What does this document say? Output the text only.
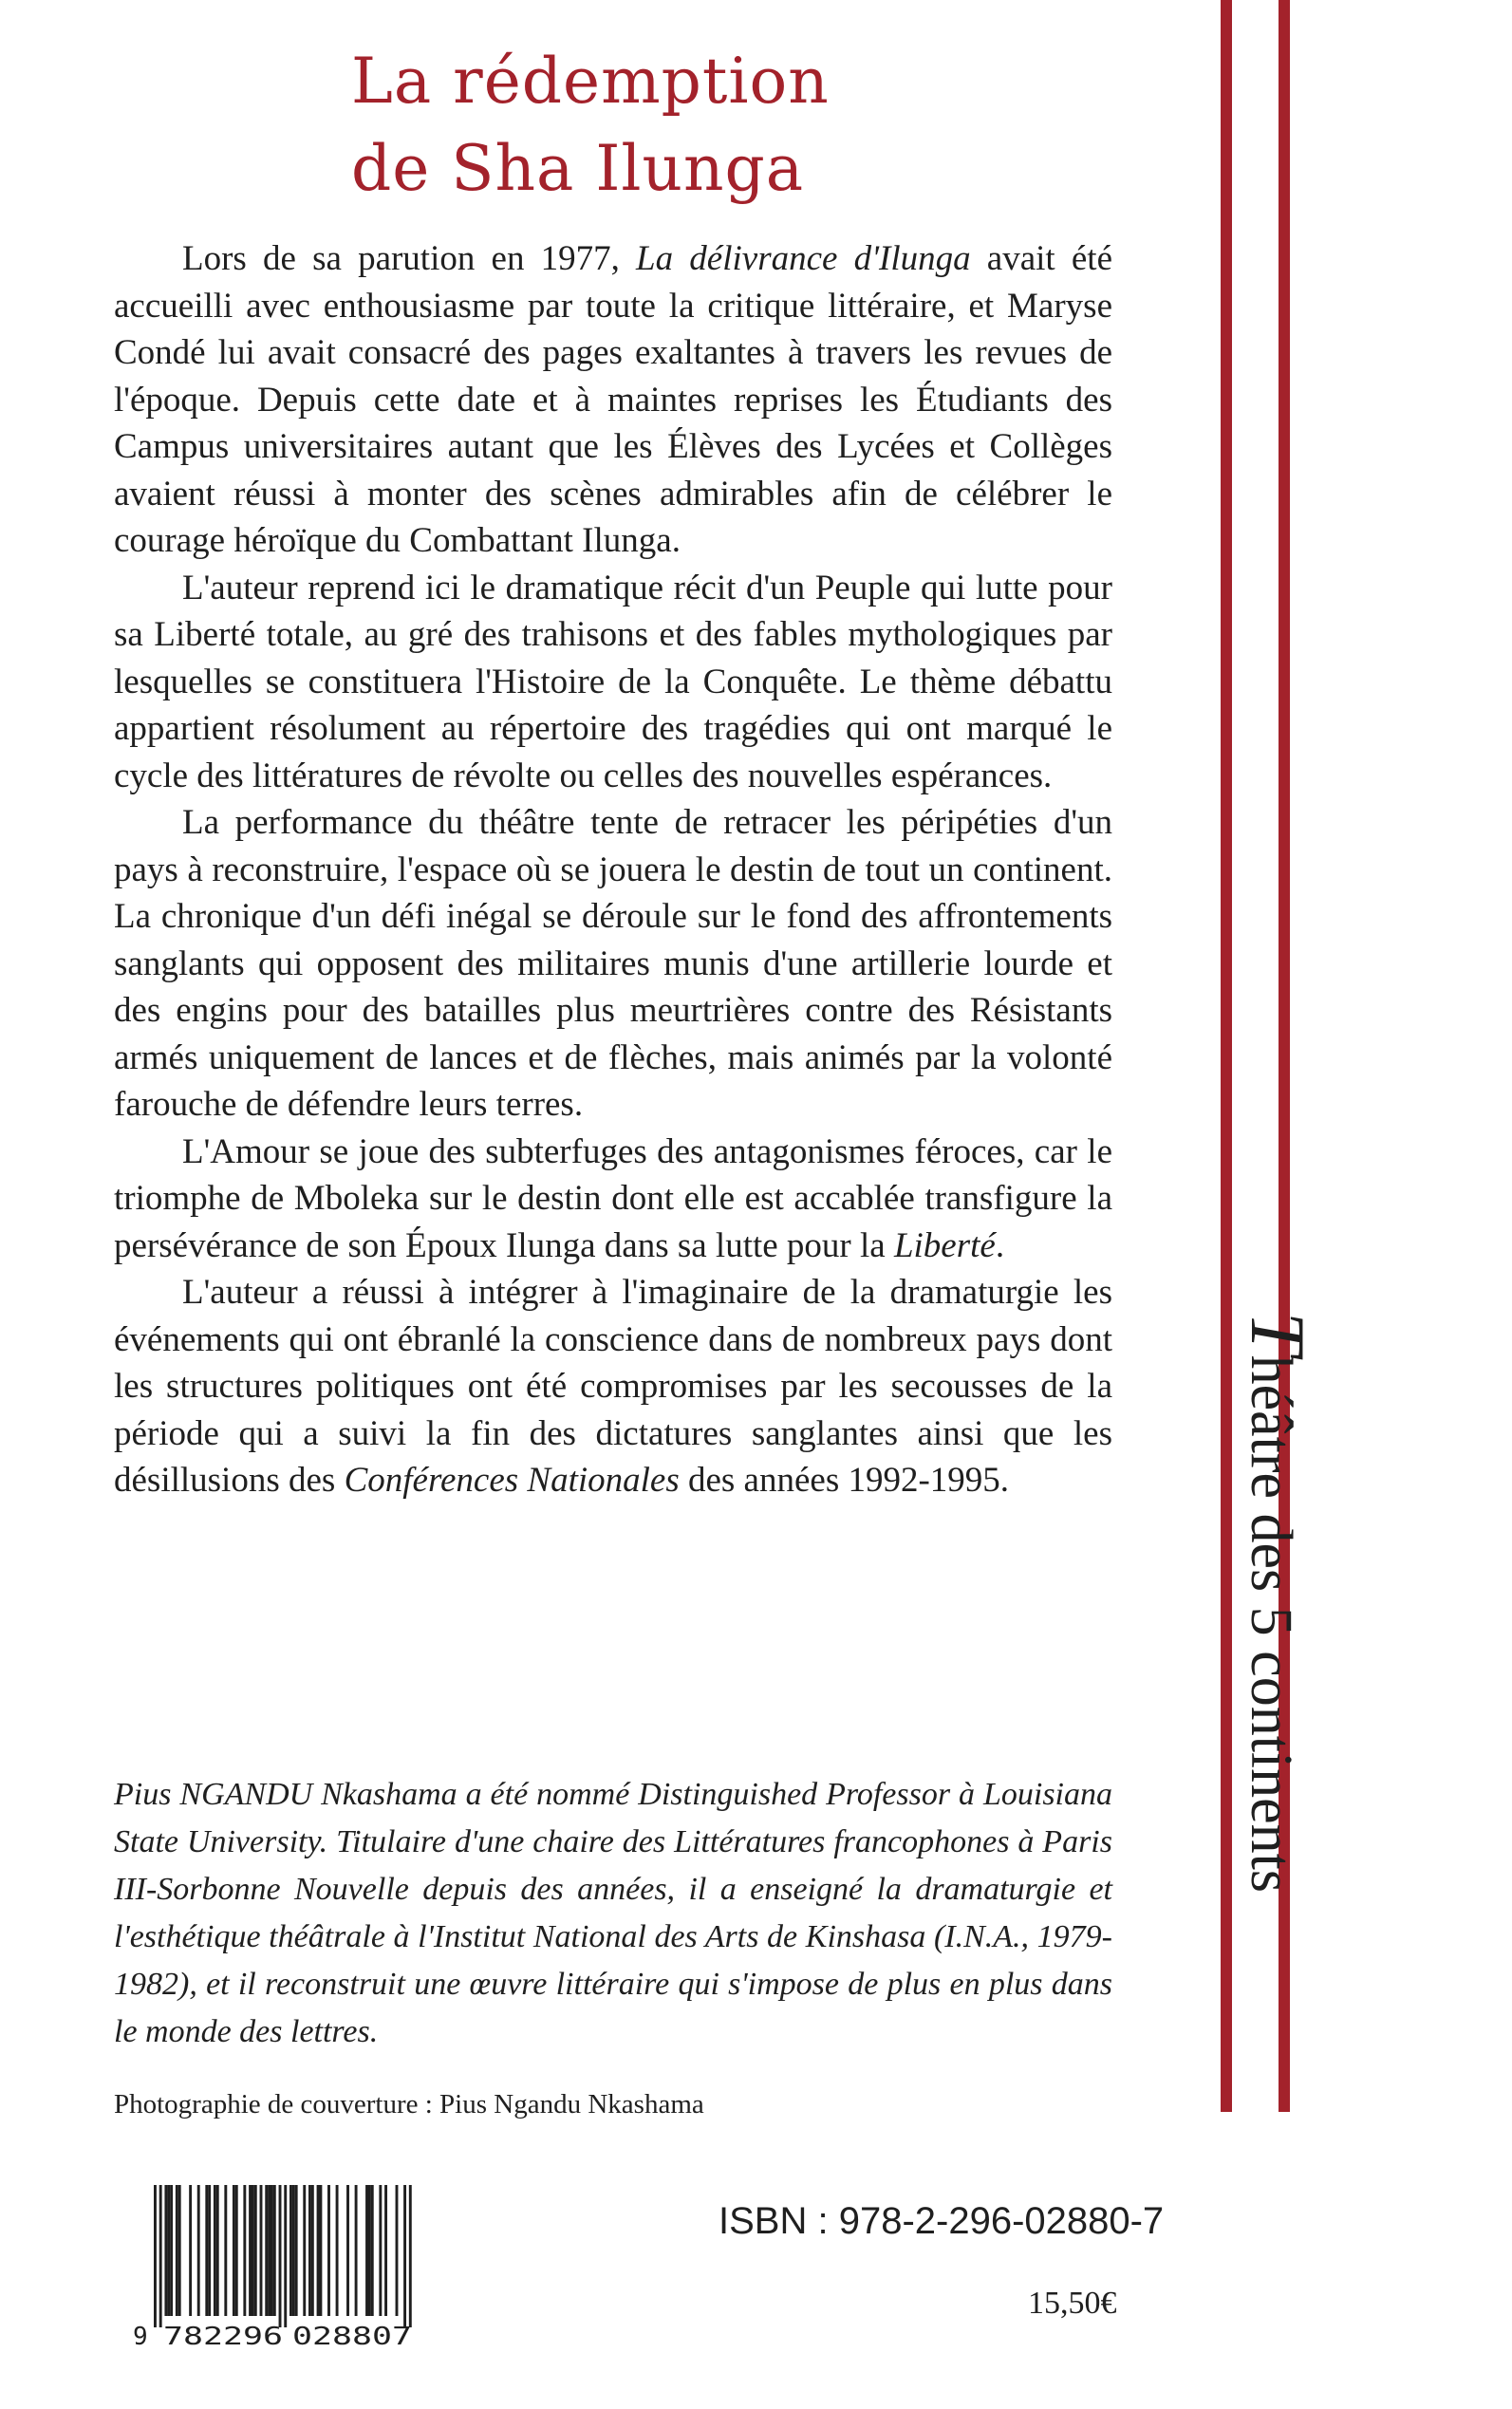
La rédemption
de Sha Ilunga

Lors de sa parution en 1977, La délivrance d'Ilunga avait été accueilli avec enthousiasme par toute la critique littéraire, et Maryse Condé lui avait consacré des pages exaltantes à travers les revues de l'époque. Depuis cette date et à maintes reprises les Étudiants des Campus universitaires autant que les Élèves des Lycées et Collèges avaient réussi à monter des scènes admirables afin de célébrer le courage héroïque du Combattant Ilunga.

L'auteur reprend ici le dramatique récit d'un Peuple qui lutte pour sa Liberté totale, au gré des trahisons et des fables mythologiques par lesquelles se constituera l'Histoire de la Conquête. Le thème débattu appartient résolument au répertoire des tragédies qui ont marqué le cycle des littératures de révolte ou celles des nouvelles espérances.

La performance du théâtre tente de retracer les péripéties d'un pays à reconstruire, l'espace où se jouera le destin de tout un continent. La chronique d'un défi inégal se déroule sur le fond des affrontements sanglants qui opposent des militaires munis d'une artillerie lourde et des engins pour des batailles plus meurtrières contre des Résistants armés uniquement de lances et de flèches, mais animés par la volonté farouche de défendre leurs terres.

L'Amour se joue des subterfuges des antagonismes féroces, car le triomphe de Mboleka sur le destin dont elle est accablée transfigure la persévérance de son Époux Ilunga dans sa lutte pour la Liberté.

L'auteur a réussi à intégrer à l'imaginaire de la dramaturgie les événements qui ont ébranlé la conscience dans de nombreux pays dont les structures politiques ont été compromises par les secousses de la période qui a suivi la fin des dictatures sanglantes ainsi que les désillusions des Conférences Nationales des années 1992-1995.

Pius NGANDU Nkashama a été nommé Distinguished Professor à Louisiana State University. Titulaire d'une chaire des Littératures francophones à Paris III-Sorbonne Nouvelle depuis des années, il a enseigné la dramaturgie et l'esthétique théâtrale à l'Institut National des Arts de Kinshasa (I.N.A., 1979-1982), et il reconstruit une œuvre littéraire qui s'impose de plus en plus dans le monde des lettres.
Photographie de couverture : Pius Ngandu Nkashama
Théâtre des 5 continents
9 782296 028807
ISBN : 978-2-296-02880-7
15,50€
